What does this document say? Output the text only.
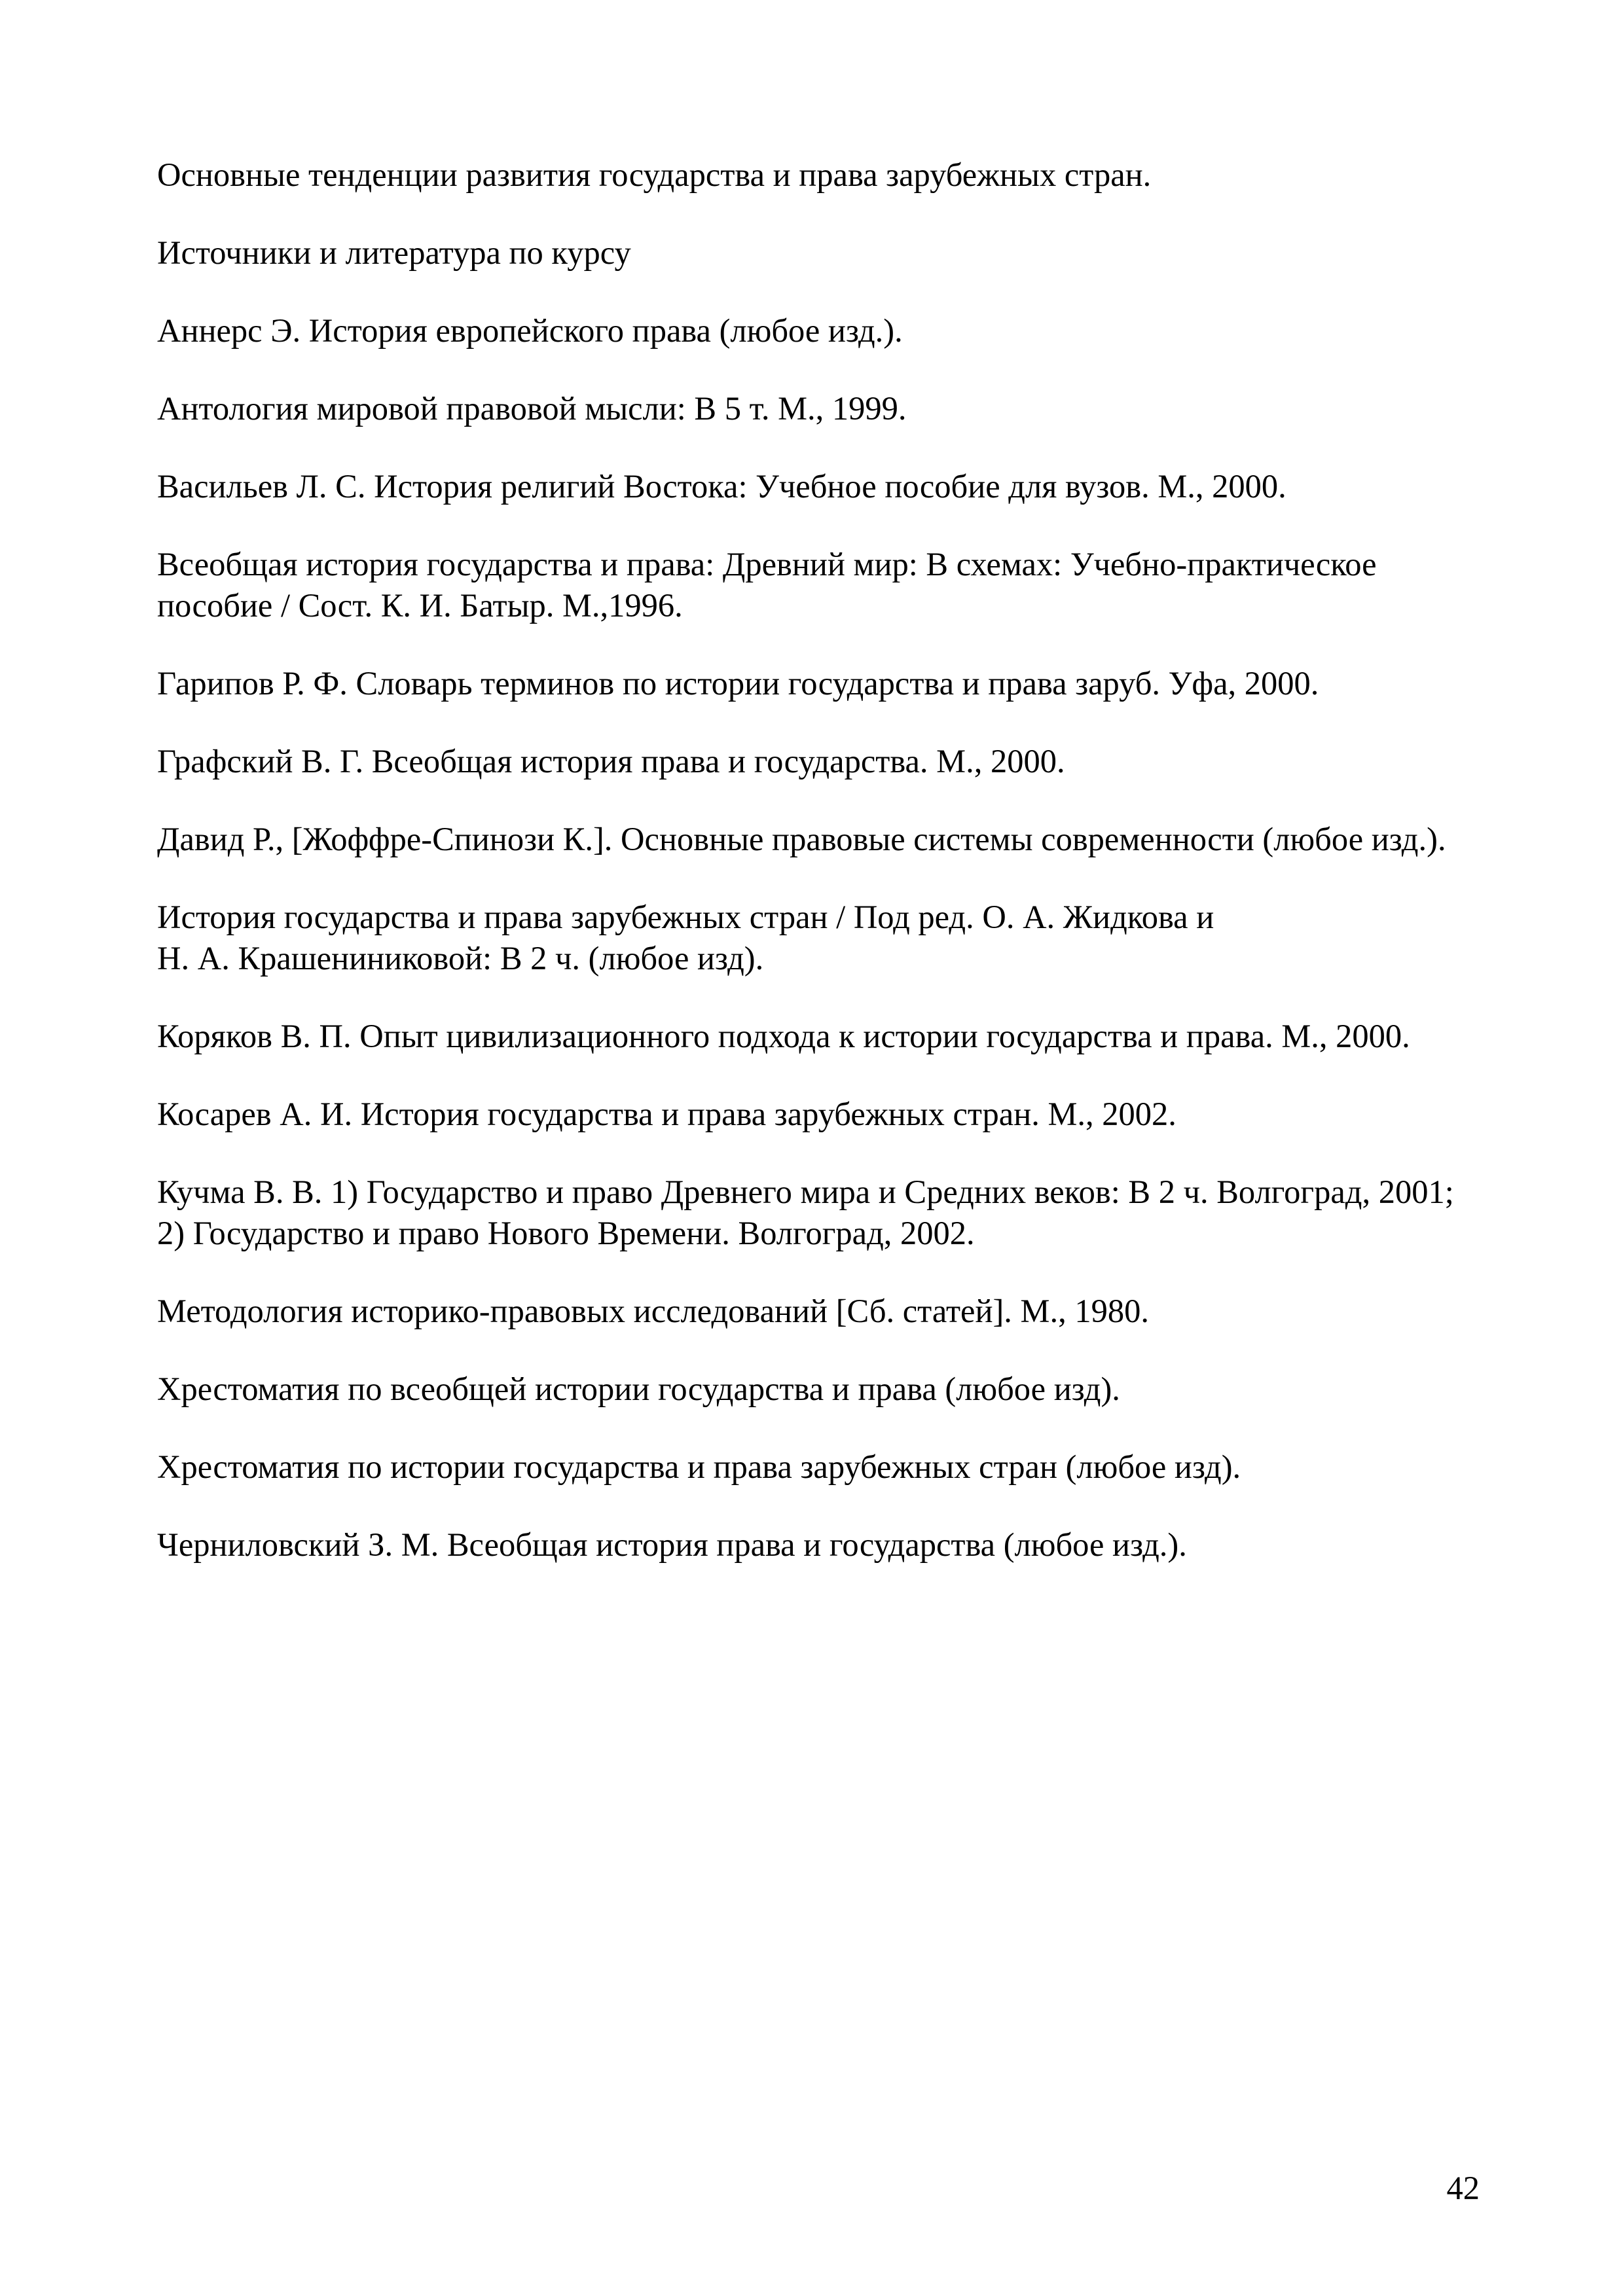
Основные тенденции развития государства и права зарубежных стран.

Источники и литература по курсу

Аннерс Э. История европейского права (любое изд.).

Антология мировой правовой мысли: В 5 т. М., 1999.

Васильев Л. С. История религий Востока: Учебное пособие для вузов. М., 2000.

Всеобщая история государства и права: Древний мир: В схемах: Учебно-практическое
пособие / Сост. К. И. Батыр. М.,1996.

Гарипов Р. Ф. Словарь терминов по истории государства и права заруб. Уфа, 2000.

Графский В. Г. Всеобщая история права и государства. М., 2000.

Давид Р., [Жоффре-Спинози К.]. Основные правовые системы современности (любое изд.).

История государства и права зарубежных стран / Под ред. О. А. Жидкова и
Н. А. Крашениниковой: В 2 ч. (любое изд).

Коряков В. П. Опыт цивилизационного подхода к истории государства и права. М., 2000.

Косарев А. И. История государства и права зарубежных стран. М., 2002.

Кучма В. В. 1) Государство и право Древнего мира и Средних веков: В 2 ч. Волгоград, 2001;
2) Государство и право Нового Времени. Волгоград, 2002.

Методология историко-правовых исследований [Сб. статей]. М., 1980.

Хрестоматия по всеобщей истории государства и права (любое изд).

Хрестоматия по истории государства и права зарубежных стран (любое изд).

Черниловский З. М. Всеобщая история права и государства (любое изд.).

42
